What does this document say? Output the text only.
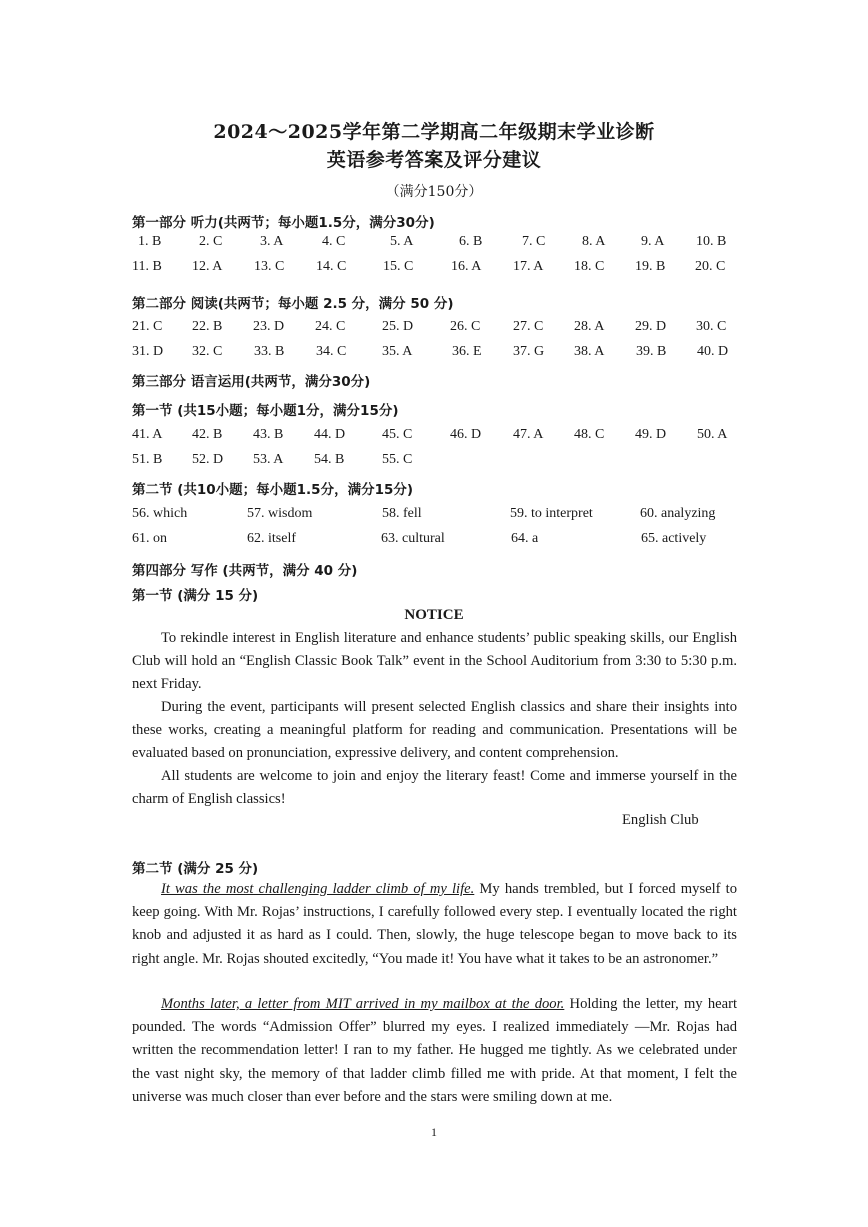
2024～2025学年第二学期高二年级期末学业诊断
英语参考答案及评分建议
（满分150分）
第一部分 听力(共两节；每小题1.5分，满分30分)
1. B	2. C	3. A	4. C	5. A	6. B	7. C	8. A	9. A 10. B
11. B 12. A 13. C 14. C	15. C	16. A 17. A 18. C 19. B 20. C
第二部分 阅读(共两节；每小题 2.5 分，满分 50 分)
21. C 22. B 23. D 24. C	25. D	26. C 27. C 28. A 29. D 30. C
31. D 32. C 33. B 34. C	35. A	36. E 37. G 38. A 39. B 40. D
第三部分 语言运用(共两节，满分30分)
第一节 (共15小题；每小题1分，满分15分)
41. A 42. B 43. B 44. D	45. C	46. D 47. A 48. C 49. D 50. A
51. B 52. D 53. A 54. B	55. C
第二节 (共10小题；每小题1.5分，满分15分)
56. which	57. wisdom	58. fell	59. to interpret	60. analyzing
61. on	62. itself	63. cultural	64. a	65. actively
第四部分 写作 (共两节，满分 40 分)
第一节 (满分 15 分)
NOTICE
To rekindle interest in English literature and enhance students’ public speaking skills, our English Club will hold an “English Classic Book Talk” event in the School Auditorium from 3:30 to 5:30 p.m. next Friday.
During the event, participants will present selected English classics and share their insights into these works, creating a meaningful platform for reading and communication. Presentations will be evaluated based on pronunciation, expressive delivery, and content comprehension.
All students are welcome to join and enjoy the literary feast! Come and immerse yourself in the charm of English classics!
English Club
第二节 (满分 25 分)
It was the most challenging ladder climb of my life. My hands trembled, but I forced myself to keep going. With Mr. Rojas’ instructions, I carefully followed every step. I eventually located the right knob and adjusted it as hard as I could. Then, slowly, the huge telescope began to move back to its right angle. Mr. Rojas shouted excitedly, “You made it! You have what it takes to be an astronomer.”
Months later, a letter from MIT arrived in my mailbox at the door. Holding the letter, my heart pounded. The words “Admission Offer” blurred my eyes. I realized immediately —Mr. Rojas had written the recommendation letter! I ran to my father. He hugged me tightly. As we celebrated under the vast night sky, the memory of that ladder climb filled me with pride. At that moment, I felt the universe was much closer than ever before and the stars were smiling down at me.
1
